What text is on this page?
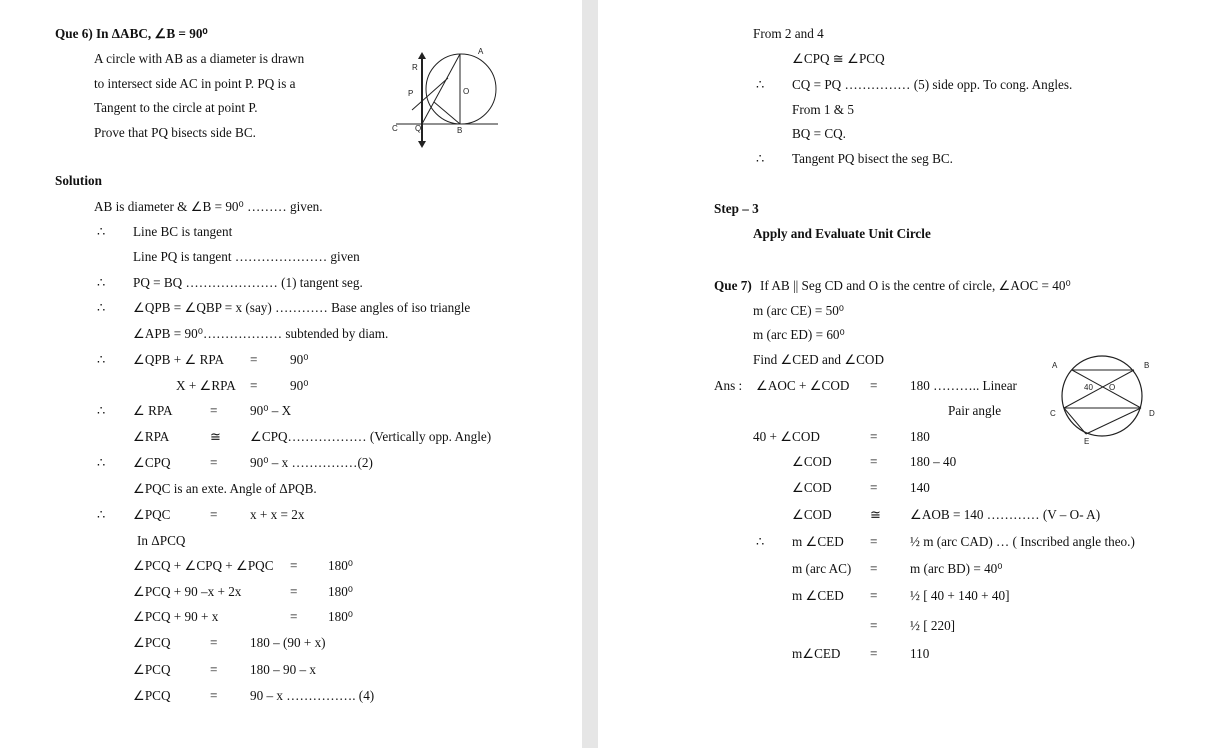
Que 6) In ΔABC, ∠B = 90⁰
A circle with AB as a diameter is drawn
to intersect side AC in point P. PQ is a
Tangent to the circle at point P.
Prove that PQ bisects side BC.
A
R
P	O
C Q	B
Solution
AB is diameter & ∠B = 90⁰ ……… given.
∴ Line BC is tangent
Line PQ is tangent ………………… given
∴ PQ = BQ ………………… (1) tangent seg.
∴ ∠QPB = ∠QBP = x (say) ………… Base angles of iso triangle
∠APB = 90⁰……………… subtended by diam.
∴ ∠QPB + ∠ RPA = 90⁰
X + ∠RPA = 90⁰
∴ ∠ RPA	= 90⁰ – X
∠RPA	≅ ∠CPQ……………… (Vertically opp. Angle)
∴ ∠CPQ	= 90⁰ – x ……………(2)
∠PQC is an exte. Angle of ΔPQB.
∴ ∠PQC	= x + x = 2x
In ΔPCQ
∠PCQ + ∠CPQ + ∠PQC = 180⁰
∠PCQ + 90 –x + 2x	= 180⁰
∠PCQ + 90 + x	= 180⁰
∠PCQ	= 180 – (90 + x)
∠PCQ	= 180 – 90 – x
∠PCQ	= 90 – x ……………. (4)
From 2 and 4
∠CPQ ≅ ∠PCQ
∴ CQ = PQ …………… (5) side opp. To cong. Angles.
From 1 & 5
BQ = CQ.
∴ Tangent PQ bisect the seg BC.
Step – 3
Apply and Evaluate Unit Circle
Que 7) If AB || Seg CD and O is the centre of circle, ∠AOC = 40⁰
m (arc CE) = 50⁰
m (arc ED) = 60⁰
Find ∠CED and ∠COD	A	B
C	D
E
40 O
Ans : ∠AOC + ∠COD = 180 ……….. Linear
Pair angle
40 + ∠COD	= 180
∠COD	= 180 – 40
∠COD	= 140
∠COD	≅ ∠AOB = 140 ………… (V – O- A)
∴ m ∠CED = ½ m (arc CAD) … ( Inscribed angle theo.)
m (arc AC) = m (arc BD) = 40⁰
m ∠CED = ½ [ 40 + 140 + 40]
= ½ [ 220]
m∠CED = 110
